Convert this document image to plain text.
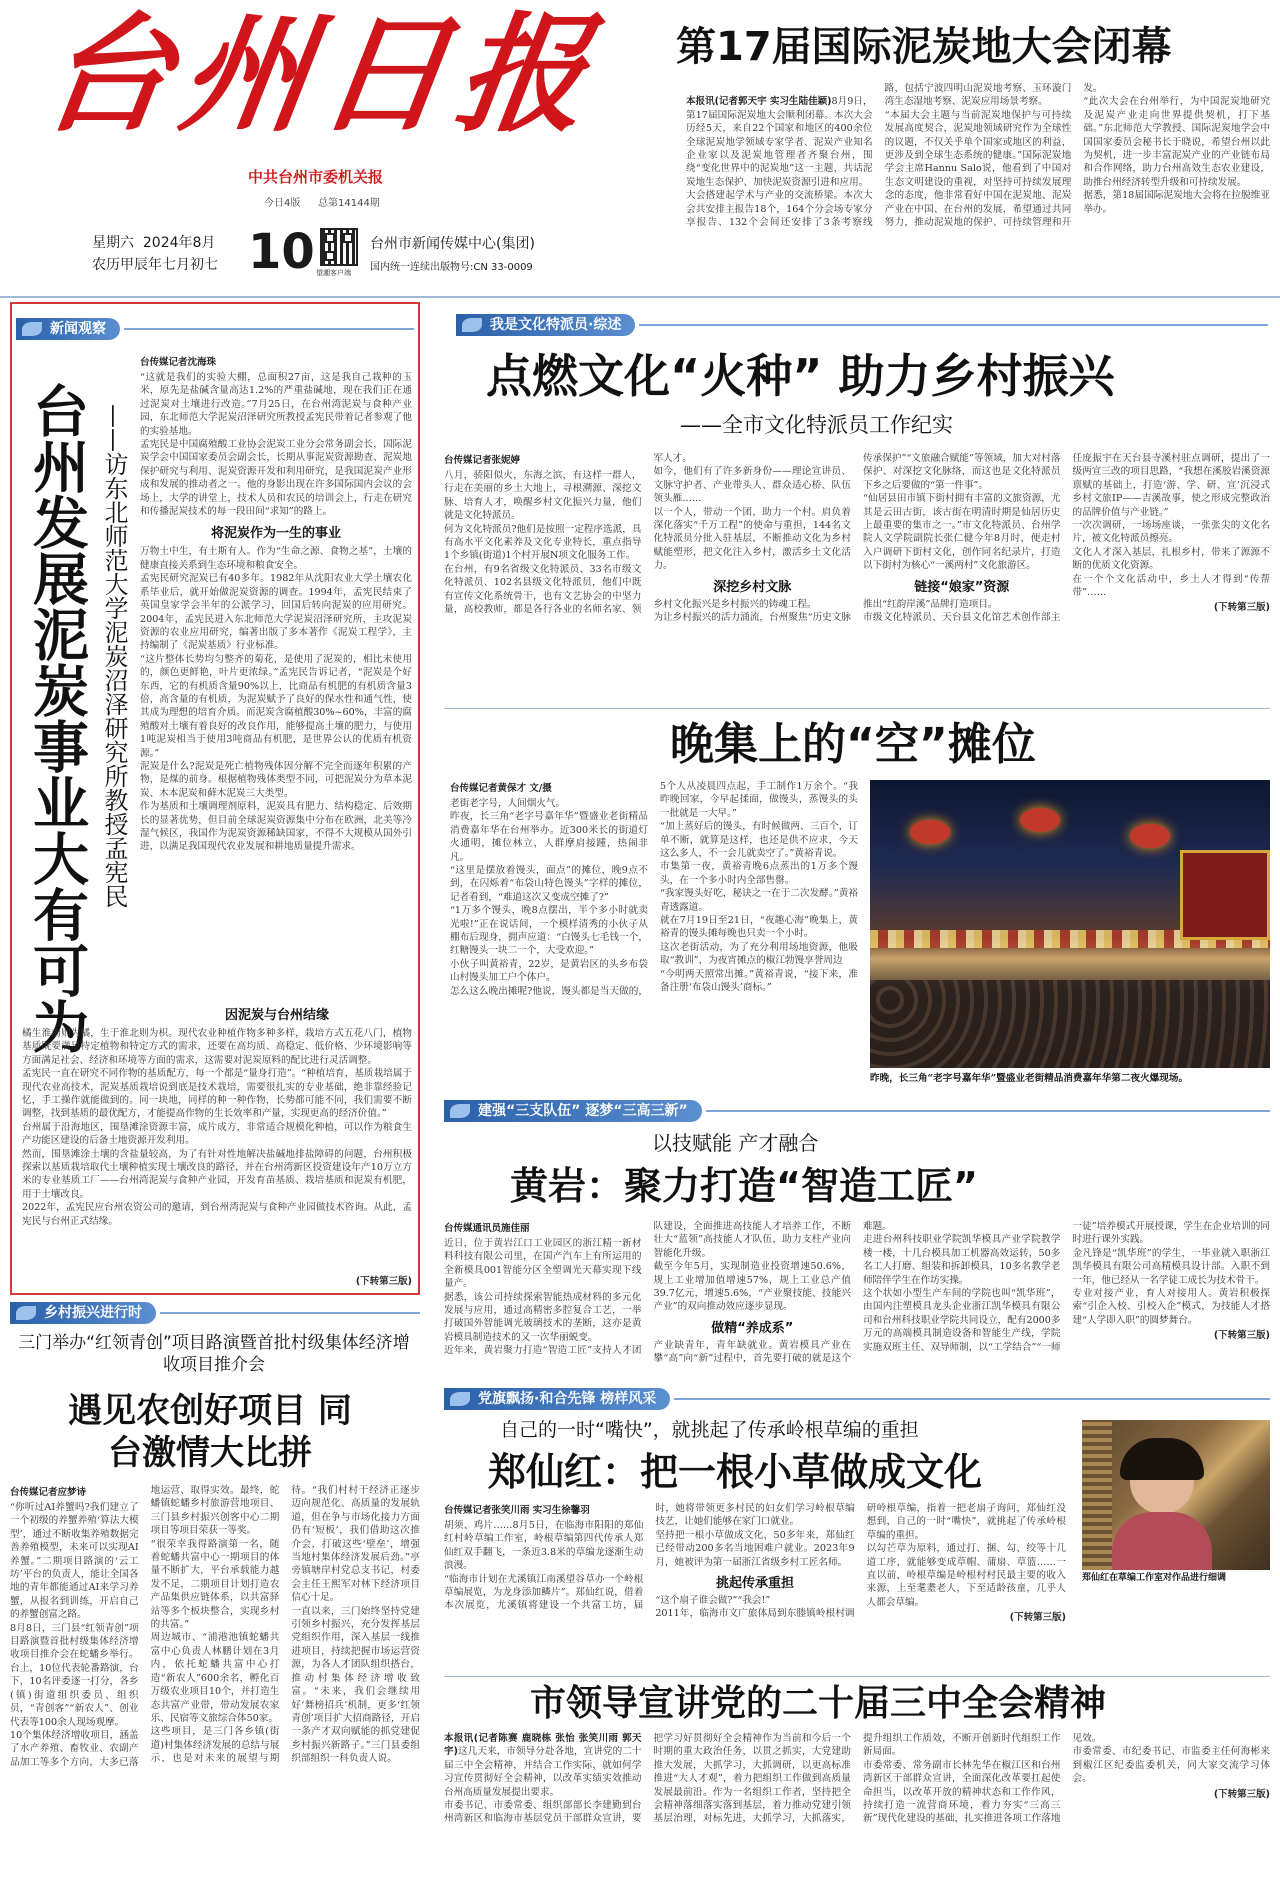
台州日报
中共台州市委机关报
今日4版 总第14144期
星期六  2024年8月
农历甲辰年七月初七 10 望潮客户端
台州市新闻传媒中心(集团)
国内统一连续出版物号:CN 33-0009
第17届国际泥炭地大会闭幕

本报讯(记者郭天宇 实习生陆佳颖)8月9日，第17届国际泥炭地大会顺利闭幕。本次大会历经5天，来自22个国家和地区的400余位全球泥炭地学领域专家学者、泥炭产业知名企业家以及泥炭地管理者齐聚台州，围绕“变化世界中的泥炭地”这一主题，共话泥炭地生态保护、加快泥炭资源引进和应用。
大会搭建起学术与产业的交流桥梁。本次大会共安排主报告18个，164个分会场专家分享报告、132个会间还安排了3条考察线路，包括宁波四明山泥炭地考察、玉环漩门湾生态湿地考察、泥炭应用场景考察。
“本届大会主题与当前泥炭地保护与可持续发展高度契合，泥炭地领域研究作为全球性的议题，不仅关乎单个国家或地区的利益，更涉及到全球生态系统的健康。”国际泥炭地学会主席Hannu Salo说，他看到了中国对生态文明建设的重视，对坚持可持续发展理念的态度，他非常看好中国在泥炭地、泥炭产业在中国、在台州的发展，希望通过共同努力，推动泥炭地的保护、可持续管理和开发。
“此次大会在台州举行，为中国泥炭地研究及泥炭产业走向世界提供契机，打下基础。”东北师范大学教授、国际泥炭地学会中国国家委员会秘书长于晓说，希望台州以此为契机，进一步丰富泥炭产业的产业链布局和合作网络，助力台州高效生态农业建设，助推台州经济转型升级和可持续发展。
据悉，第18届国际泥炭地大会将在拉脱维亚举办。

新闻观察
台州发展泥炭事业大有可为 ——访东北师范大学泥炭沼泽研究所教授孟宪民
台传媒记者沈海珠
“这就是我们的实验大棚，总面积27亩，这是我自己栽种的玉米，原先是盐碱含量高达1.2%的严重盐碱地，现在我们正在通过泥炭对土壤进行改造。”7月25日，在台州湾泥炭与食种产业园，东北师范大学泥炭沼泽研究所教授孟宪民带着记者参观了他的实验基地。
孟宪民是中国腐殖酸工业协会泥炭工业分会常务副会长，国际泥炭学会中国国家委员会副会长，长期从事泥炭资源勘查、泥炭地保护研究与利用、泥炭资源开发和利用研究，是我国泥炭产业形成和发展的推动者之一。他的身影出现在许多国际国内会议的会场上，大学的讲堂上，技术人员和农民的培训会上，行走在研究和传播泥炭技术的每一段田间“求知”的路上。
将泥炭作为一生的事业
万物土中生，有土斯有人。作为“生命之源、食物之基”，土壤的健康直接关系到生态环境和粮食安全。
孟宪民研究泥炭已有40多年。1982年从沈阳农业大学土壤农化系毕业后，就开始做泥炭资源的调查。1994年，孟宪民结束了英国皇家学会半年的公派学习，回国后转向泥炭的应用研究。2004年，孟宪民进入东北师范大学泥炭沼泽研究所，主攻泥炭资源的农业应用研究，编著出版了多本著作《泥炭工程学》，主持编制了《泥炭基质》行业标准。
“这片整体长势均匀整齐的菊花，是使用了泥炭的，相比未使用的，颜色更鲜艳，叶片更浓绿。”孟宪民告诉记者，“泥炭是个好东西，它的有机质含量90%以上，比商品有机肥的有机质含量3倍，高含量的有机质，为泥炭赋予了良好的保水性和通气性，使其成为理想的培育介质。而泥炭含腐植酸30%~60%，丰富的腐殖酸对土壤有着良好的改良作用，能够提高土壤的肥力，与使用1吨泥炭相当于使用3吨商品有机肥，是世界公认的优质有机资源。”
泥炭是什么?泥炭是死亡植物残体因分解不完全而逐年积累的产物，是煤的前身。根据植物残体类型不同，可把泥炭分为草本泥炭、木本泥炭和藓木泥炭三大类型。
作为基质和土壤调理剂原料，泥炭具有肥力、结构稳定、后效期长的显著优势，但目前全球泥炭资源集中分布在欧洲，北美等冷湿气候区，我国作为泥炭资源稀缺国家，不得不大规模从国外引进，以满足我国现代农业发展和耕地质量提升需求。
因泥炭与台州结缘
橘生淮南则为橘，生于淮北则为枳。现代农业种植作物多种多样，栽培方式五花八门，植物基质既要满足特定植物和特定方式的需求，还要在高均质、高稳定、低价格、少环境影响等方面满足社会、经济和环境等方面的需求，这需要对泥炭原料的配比进行灵活调整。
孟宪民一直在研究不同作物的基质配方，每一个都是“量身打造”。“种植培育，基质栽培属于现代农业高技术，泥炭基质栽培说到底是技术栽培，需要很扎实的专业基础，绝非靠经验记忆，手工操作就能做到的。同一块地，同样的种一种作物，长势都可能不同，我们需要不断调整，找到基质的最优配方，才能提高作物的生长效率和产量，实现更高的经济价值。”
台州属于沿海地区，围垦滩涂资源丰富，成片成方，非常适合规模化种植，可以作为粮食生产功能区建设的后备土地资源开发利用。
然而，围垦滩涂土壤的含盐量较高，为了有针对性地解决盐碱地排盐障碍的问题，台州积极探索以基质栽培取代土壤种植实现土壤改良的路径，并在台州湾新区投资建设年产10万立方米的专业基质工厂——台州湾泥炭与食种产业园，开发育苗基质、栽培基质和泥炭有机肥，用于土壤改良。
2022年，孟宪民应台州农资公司的邀请，到台州湾泥炭与食种产业园做技术咨询。从此，孟宪民与台州正式结缘。
(下转第三版)
我是文化特派员·综述
点燃文化“火种” 助力乡村振兴
——全市文化特派员工作纪实
台传媒记者张妮婷
八月，骄阳似火，东海之滨，有这样一群人，行走在美丽的乡土大地上，寻根溯源、深挖文脉、培育人才，唤醒乡村文化振兴力量，他们就是文化特派员。
何为文化特派员?他们是按照一定程序选派，具有高水平文化素养及文化专业特长，重点指导1个乡镇(街道)1个村开展N项文化服务工作。
在台州，有9名省级文化特派员、33名市级文化特派员、102名县级文化特派员，他们中既有宣传文化系统骨干，也有文艺协会的中坚力量，高校教师，都是各行各业的名师名家、领军人才。
如今，他们有了许多新身份——理论宣讲员、文脉守护者、产业带头人、群众适心桥、队伍领头雁……
以一个人，带动一个团，助力一个村。肩负着深化落实“千万工程”的使命与重担，144名文化特派员分批入驻基层，不断推动文化为乡村赋能塑形，把文化注入乡村，激活乡土文化活力。
深挖乡村文脉
乡村文化振兴是乡村振兴的铸魂工程。
为让乡村振兴的活力涌流，台州聚焦“历史文脉传承保护”“文旅融合赋能”等领域，加大对村落保护、对深挖文化脉络，而这也是文化特派员下乡之后要做的“第一件事”。
“仙居县田市镇下街村拥有丰富的文旅资源，尤其是云田古街，该古街在明清时期是仙居历史上最重要的集市之一。”市文化特派员、台州学院人文学院副院长张仁健今年8月时，便走村入户调研下街村文化，创作同名纪录片，打造以下街村为核心“一溪两村”文化旅游区。
链接“娘家”资源
推出“红韵岸溪”品牌打造项目。
市级文化特派员、天台县文化馆艺术创作部主任庞振宇在天台县寺溪村驻点调研，提出了一级两宣三改的项目思路，“我想在溪胶岩溪资源禀赋的基础上，打造‘游、学、研、宣’沉浸式乡村文旅IP——吉溪故事，使之形成完整政治的品牌价值与产业链。”
一次次调研，一场场座谈，一张张尖的文化名片，被文化特派员擦亮。
文化人才深入基层，扎根乡村，带来了源源不断的优质文化资源。
在一个个文化活动中，乡土人才得到“传帮带”……
(下转第三版)
晚集上的“空”摊位
台传媒记者黄保才 文/摄
老街老字号，人间烟火气。
昨夜，长三角“老字号嘉年华”暨盛业老街精品消费嘉年华在台州举办。近300米长的街道灯火通明，摊位林立，人群摩肩接踵，热闹非凡。
“这里是摆放着馒头，面点”的摊位，晚9点不到，在闪烁着“布袋山特色馒头”字样的摊位，记者看到，“难道这次又变成空摊了?”
“1万多个馒头，晚8点摆出，半个多小时就卖光啦!”正在说话间，一个模样清秀的小伙子从棚布后现身，拥声应道：“白馒头七毛钱一个，红糖馒头一块二一个，大受欢迎。”
小伙子叫黄裕青，22岁，是黄岩区的头乡布袋山村馒头加工户个体户。
怎么这么晚出摊呢?他说，馒头都是当天做的，5个人从凌晨四点起，手工制作1万余个。“我昨晚回家，今早起揉面，做馒头，蒸馒头的头一批就是一大早。”
“加上蒸好后的馒头，有时候做两、三百个，订单不断，就算是这样，也还是供不应求，今天这么多人，不一会儿就卖空了。”黄裕青说。
市集第一夜，黄裕青晚6点蒸出的1万多个馒头，在一个多小时内全部售罄。
“我家馒头好吃，秘诀之一在于二次发酵。”黄裕青透露道。
就在7月19日至21日，“夜趣心海”晚集上，黄裕青的馒头摊每晚也只卖一个小时。
这次老街活动，为了充分利用场地资源，他吸取“教训”，为夜宵摊点的椒江勃馒享誉周边
“今明两天照常出摊。”黄裕青说，“接下来，准备注册‘布袋山馒头’商标。”
昨晚，长三角“老字号嘉年华”暨盛业老街精品消费嘉年华第二夜火爆现场。
建强“三支队伍” 逐梦“三高三新”
以技赋能 产才融合
黄岩：聚力打造“智造工匠”
台传媒通讯员施佳丽
近日，位于黄岩江口工业园区的浙江精一新材料科技有限公司里，在国产汽车上有所运用的全新模具001智能分区全塑调光天幕实现下线量产。
据悉，该公司持续探索智能热成材料的多元化发展与应用，通过高精密多腔复合工艺，一举打破国外智能调光玻璃技术的垄断，这亦是黄岩模具制造技术的又一次华丽蜕变。
近年来，黄岩聚力打造“智造工匠”支持人才团队建设，全面推进高技能人才培养工作，不断壮大“蓝领”高技能人才队伍，助力支柱产业向智能化升级。
截至今年5月，实现制造业投资增速50.6%，规上工业增加值增速57%，规上工业总产值39.7亿元，增速5.6%，“产业聚技能、技能兴产业”的双向推动效应逐步显现。
做精“养成系”
产业缺青年，青年缺就业。黄岩模具产业在攀“高”向“新”过程中，首先要打破的就是这个难题。
走进台州科技职业学院凯华模具产业学院教学楼一楼，十几台模具加工机器高效运转，50多名工人打磨、组装和拆卸模具，10多名教学老师陪伴学生在作坊实操。
这个状如小型生产车间的学院也叫“凯华班”，由国内注塑模具龙头企业浙江凯华模具有限公司和台州科技职业学院共同设立，配有2000多万元的高端模具制造设备和智能生产线，学院实施双班主任、双导师制，以“工学结合”“一师一徒”培养模式开展授课，学生在企业培训的同时进行课外实践。
金凡锋是“凯华班”的学生，一毕业就入职浙江凯华模具有限公司高精模具设计部。入职不到一年，他已经从一名学徒工成长为技术骨干。
专业对接产业，育人对接用人。黄岩积极探索“引企入校、引校入企”模式，为技能人才搭建“人学即入职”的圆梦舞台。
(下转第三版)
乡村振兴进行时
三门举办“红领青创”项目路演暨首批村级集体经济增收项目推介会
遇见农创好项目 同台激情大比拼
台传媒记者应梦诗
“你听过AI养蟹吗?我们建立了一个初级的养蟹养殖‘算法大模型’，通过不断收集养殖数据完善养殖模型，未来可以实现AI养蟹。”二期项目路演的‘云工坊’平台的负责人，能让全国各地的青年都能通过AI来学习养蟹，从报名到训练，开启自己的养蟹创富之路。
8月8日，三门县“红领青创”项目路演暨首批村级集体经济增收项目推介会在蛇蟠乡举行。台上，10位代表轮番路演，台下，10名评委逐一打分，各乡(镇)街道组织委员、组织员，“青创客”“新农人”、创业代表等100余人现场观摩。
10个集体经济增收项目，涵盖了水产养殖、畜牧业、农副产品加工等多个方向，大多已落地运营、取得实效。最终，蛇蟠镇蛇蟠乡村旅游营地项目、三门县乡村振兴创客中心二期项目等项目荣获一等奖。
“很荣幸我得路演第一名，随着蛇蟠共富中心一期项目的体量不断扩大，平台承载能力越发不足，二期项目计划打造农产品集供应链体系，以共富驿站等多个板块整合，实现乡村的共富。”
周边城市、“浦港池镇蛇蟠共富中心负责人林鹏计划在3月内，依托蛇蟠共富中心打造“新农人”600余名，孵化百万级农业项目10个，并打造生态共富产业带，带动发展农家乐、民宿等文旅综合体50家。
这些项目，是三门各乡镇(街道)村集体经济发展的总结与展示，也是对未来的展望与期待。“我们村村干经济正逐步迈向规范化、高质量的发展轨道，但在争与市场化接力方面仍有‘短板’，我们借助这次推介会，打破这些‘壁垒’，增强当地村集体经济发展后劲。”亭旁镇塘岸村党总支书记，村委会主任王熙军对林下经济项目信心十足。
一直以来，三门始终坚持党建引领乡村振兴，充分发挥基层党组织作用，深入基层一线推进项目，持续把握市场运营资源，为各人才团队组织搭台，推动村集体经济增收致富。“未来，我们会继续用好‘舞榜招兵’机制，更多‘红领青创’项目扩大招商路径，开启一条产才双向赋能的抓党建促乡村振兴新路子。”三门县委组织部组织一科负责人说。
党旗飘扬·和合先锋 榜样风采
自己的一时“嘴快”，就挑起了传承岭根草编的重担
郑仙红：把一根小草做成文化
台传媒记者张笑川雨 实习生徐馨羽
胡须、鸡片……8月5日，在临海市阳阳的郑仙红村岭草编工作室，岭根草编第四代传承人郑仙红双手翻飞，一条近3.8米的草编龙逐渐生动浪漫。
“临海市计划在尤溪镇江南溪望谷草办一个岭根草编展览，为龙身添加鳞片”。郑仙红说，借着本次展览，尤溪镇将建设一个共富工坊，届时，她将带领更多村民的妇女们学习岭根草编技艺，让她们能够在家门口就业。
坚持把一根小草做成文化，50多年来，郑仙红已经带动200多名当地困难户就业。2023年9月，她被评为第一届浙江省级乡村工匠名师。
挑起传承重担
“这个扇子谁会做?”“我会!”
2011年，临海市文广旅体局到东塍镇岭根村调研岭根草编，指着一把老扇子询问，郑仙红没想到，自己的一时“嘴快”，就挑起了传承岭根草编的重担。
以勾芒草为原料，通过打、捆、勾、绞等十几道工序，就能够变成草帽、蒲扇、草篮……一直以前，岭根草编是岭根村村民最主要的收入来源，上至耄耋老人，下至适龄孩童，几乎人人都会草编。
(下转第三版)
郑仙红在草编工作室对作品进行细调
市领导宣讲党的二十届三中全会精神
本报讯(记者陈赛 鹿晓栋 张怡 张笑川雨 郭天宇)这几天来，市领导分赴各地，宣讲党的二十届三中全会精神，并结合工作实际，就如何学习宣传贯彻好全会精神，以改革实绩实效推动台州高质量发展提出要求。
市委书记、市委常委、组织部部长李建勤到台州湾新区和临海市基层党员干部群众宣讲，要把学习好贯彻好全会精神作为当前和今后一个时期的重大政治任务，以贯之抓实，大党建助推大发展，大抓学习，大抓调研，以更高标准推进“大人才观”，着力把组织工作做到高质量发展最前沿。作为一名组织工作者，坚持把全会精神落细落实落到基层，着力推动党建引领基层治理，对标先进，大抓学习，大抓落实，提升组织工作质效，不断开创新时代组织工作新局面。
市委常委、常务副市长林先华在椒江区和台州湾新区干部群众宣讲，全面深化改革要扛起使命担当，以改革开放的精神状态和工作作风，持续打造一流营商环境，着力夯实“三高三新”现代化建设的基础，扎实推进各项工作落地见效。
市委常委、市纪委书记、市监委主任何海彬来到椒江区纪委监委机关，同大家交流学习体会。
(下转第三版)
